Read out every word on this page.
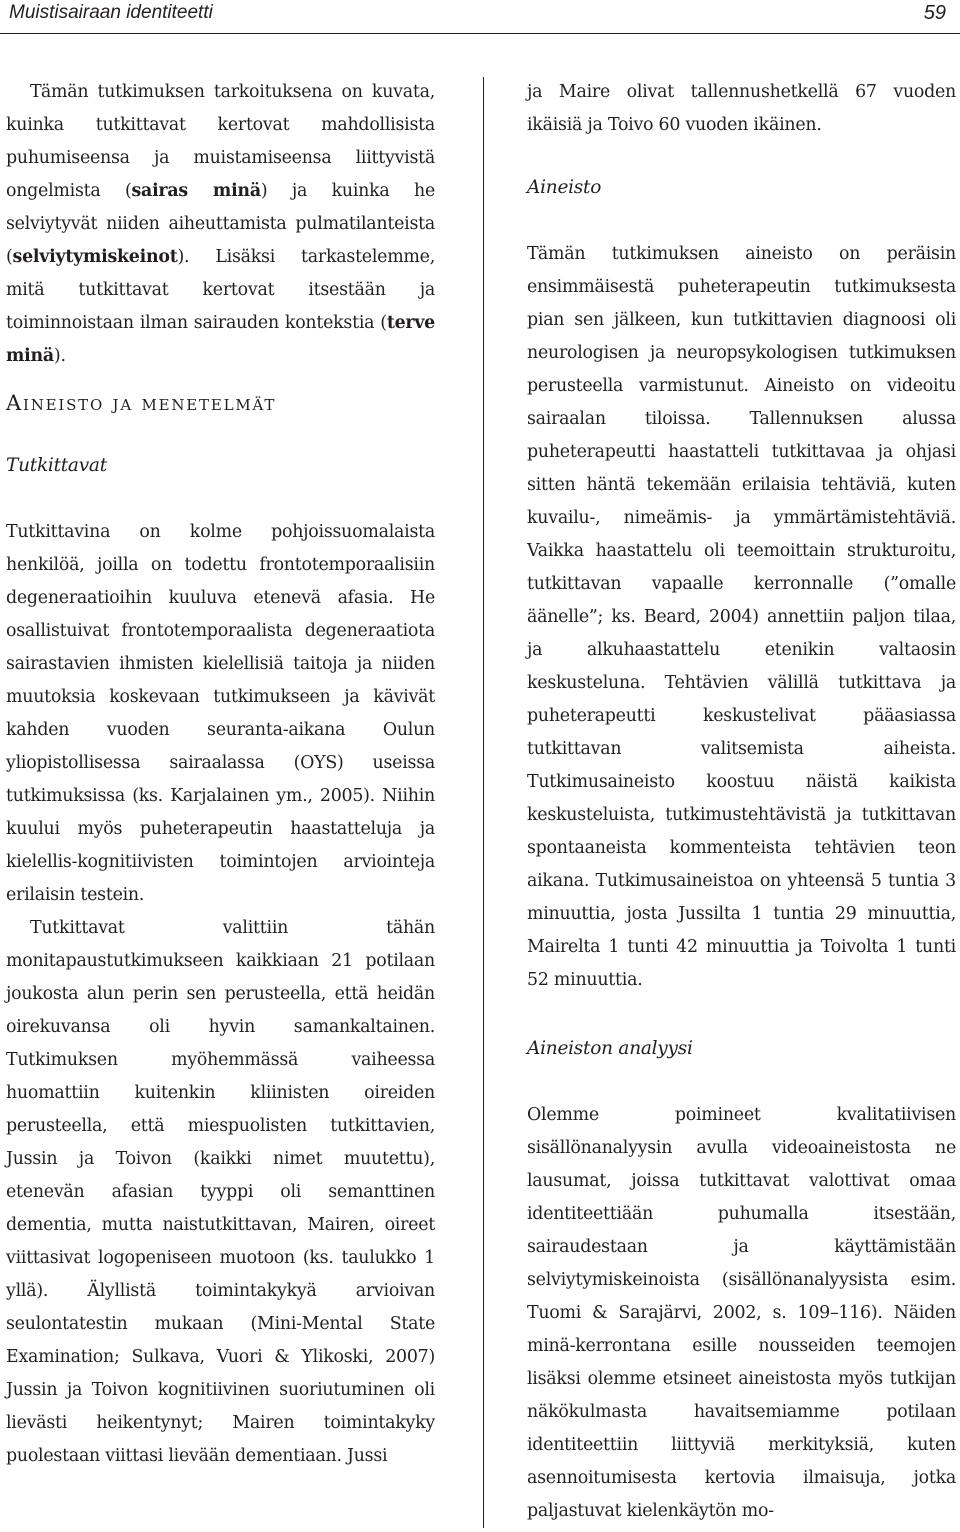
Muistisairaan identiteetti	59

Tämän tutkimuksen tarkoituksena on kuvata, kuinka tutkittavat kertovat mahdollisista puhumiseensa ja muistamiseensa liittyvistä ongelmista (sairas minä) ja kuinka he selviytyvät niiden aiheuttamista pulmatilanteista (selviytymiskeinot). Lisäksi tarkastelemme, mitä tutkittavat kertovat itsestään ja toiminnoistaan ilman sairauden kontekstia (terve minä).

Aineisto ja menetelmät
Tutkittavat

Tutkittavina on kolme pohjoissuomalaista henkilöä, joilla on todettu frontotemporaalisiin degeneraatioihin kuuluva etenevä afasia. He osallistuivat frontotemporaalista degeneraatiota sairastavien ihmisten kielellisiä taitoja ja niiden muutoksia koskevaan tutkimukseen ja kävivät kahden vuoden seuranta-aikana Oulun yliopistollisessa sairaalassa (OYS) useissa tutkimuksissa (ks. Karjalainen ym., 2005). Niihin kuului myös puheterapeutin haastatteluja ja kielellis-kognitiivisten toimintojen arviointeja erilaisin testein.

Tutkittavat valittiin tähän monitapaustutkimukseen kaikkiaan 21 potilaan joukosta alun perin sen perusteella, että heidän oirekuvansa oli hyvin samankaltainen. Tutkimuksen myöhemmässä vaiheessa huomattiin kuitenkin kliinisten oireiden perusteella, että miespuolisten tutkittavien, Jussin ja Toivon (kaikki nimet muutettu), etenevän afasian tyyppi oli semanttinen dementia, mutta naistutkittavan, Mairen, oireet viittasivat logopeniseen muotoon (ks. taulukko 1 yllä). Älyllistä toimintakykyä arvioivan seulontatestin mukaan (Mini-Mental State Examination; Sulkava, Vuori & Ylikoski, 2007) Jussin ja Toivon kognitiivinen suoriutuminen oli lievästi heikentynyt; Mairen toimintakyky puolestaan viittasi lievään dementiaan. Jussi

ja Maire olivat tallennushetkellä 67 vuoden ikäisiä ja Toivo 60 vuoden ikäinen.

Aineisto

Tämän tutkimuksen aineisto on peräisin ensimmäisestä puheterapeutin tutkimuksesta pian sen jälkeen, kun tutkittavien diagnoosi oli neurologisen ja neuropsykologisen tutkimuksen perusteella varmistunut. Aineisto on videoitu sairaalan tiloissa. Tallennuksen alussa puheterapeutti haastatteli tutkittavaa ja ohjasi sitten häntä tekemään erilaisia tehtäviä, kuten kuvailu-, nimeämis- ja ymmärtämistehtäviä. Vaikka haastattelu oli teemoittain strukturoitu, tutkittavan vapaalle kerronnalle (”omalle äänelle”; ks. Beard, 2004) annettiin paljon tilaa, ja alkuhaastattelu etenikin valtaosin keskusteluna. Tehtävien välillä tutkittava ja puheterapeutti keskustelivat pääasiassa tutkittavan valitsemista aiheista. Tutkimusaineisto koostuu näistä kaikista keskusteluista, tutkimustehtävistä ja tutkittavan spontaaneista kommenteista tehtävien teon aikana. Tutkimusaineistoa on yhteensä 5 tuntia 3 minuuttia, josta Jussilta 1 tuntia 29 minuuttia, Mairelta 1 tunti 42 minuuttia ja Toivolta 1 tunti 52 minuuttia.

Aineiston analyysi

Olemme poimineet kvalitatiivisen sisällönanalyysin avulla videoaineistosta ne lausumat, joissa tutkittavat valottivat omaa identiteettiään puhumalla itsestään, sairaudestaan ja käyttämistään selviytymiskeinoista (sisällönanalyysista esim. Tuomi & Sarajärvi, 2002, s. 109–116). Näiden minä-kerrontana esille nousseiden teemojen lisäksi olemme etsineet aineistosta myös tutkijan näkökulmasta havaitsemiamme potilaan identiteettiin liittyviä merkityksiä, kuten asennoitumisesta kertovia ilmaisuja, jotka paljastuvat kielenkäytön mo-
